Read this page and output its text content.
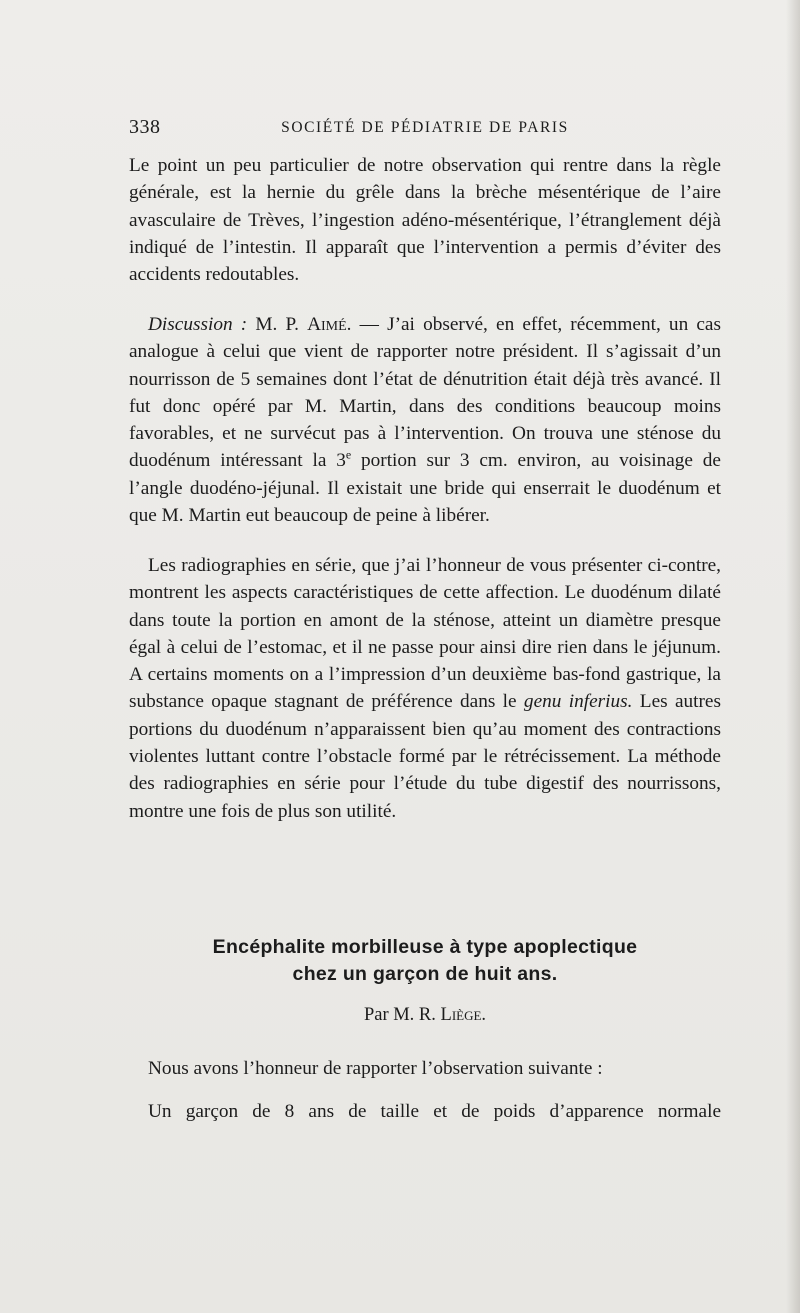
338	SOCIÉTÉ DE PÉDIATRIE DE PARIS

Le point un peu particulier de notre observation qui rentre dans la règle générale, est la hernie du grêle dans la brèche mésentérique de l’aire avasculaire de Trèves, l’ingestion adéno-mésentérique, l’étranglement déjà indiqué de l’intestin. Il apparaît que l’intervention a permis d’éviter des accidents redoutables.

Discussion : M. P. Aimé. — J’ai observé, en effet, récemment, un cas analogue à celui que vient de rapporter notre président. Il s’agissait d’un nourrisson de 5 semaines dont l’état de dénutrition était déjà très avancé. Il fut donc opéré par M. Martin, dans des conditions beaucoup moins favorables, et ne survécut pas à l’intervention. On trouva une sténose du duodénum intéressant la 3e portion sur 3 cm. environ, au voisinage de l’angle duodéno-jéjunal. Il existait une bride qui enserrait le duodénum et que M. Martin eut beaucoup de peine à libérer.

Les radiographies en série, que j’ai l’honneur de vous présenter ci-contre, montrent les aspects caractéristiques de cette affection. Le duodénum dilaté dans toute la portion en amont de la sténose, atteint un diamètre presque égal à celui de l’estomac, et il ne passe pour ainsi dire rien dans le jéjunum. A certains moments on a l’impression d’un deuxième bas-fond gastrique, la substance opaque stagnant de préférence dans le genu inferius. Les autres portions du duodénum n’apparaissent bien qu’au moment des contractions violentes luttant contre l’obstacle formé par le rétrécissement. La méthode des radiographies en série pour l’étude du tube digestif des nourrissons, montre une fois de plus son utilité.

Encéphalite morbilleuse à type apoplectique
chez un garçon de huit ans.

Par M. R. Liège.

Nous avons l’honneur de rapporter l’observation suivante :

Un garçon de 8 ans de taille et de poids d’apparence normale
